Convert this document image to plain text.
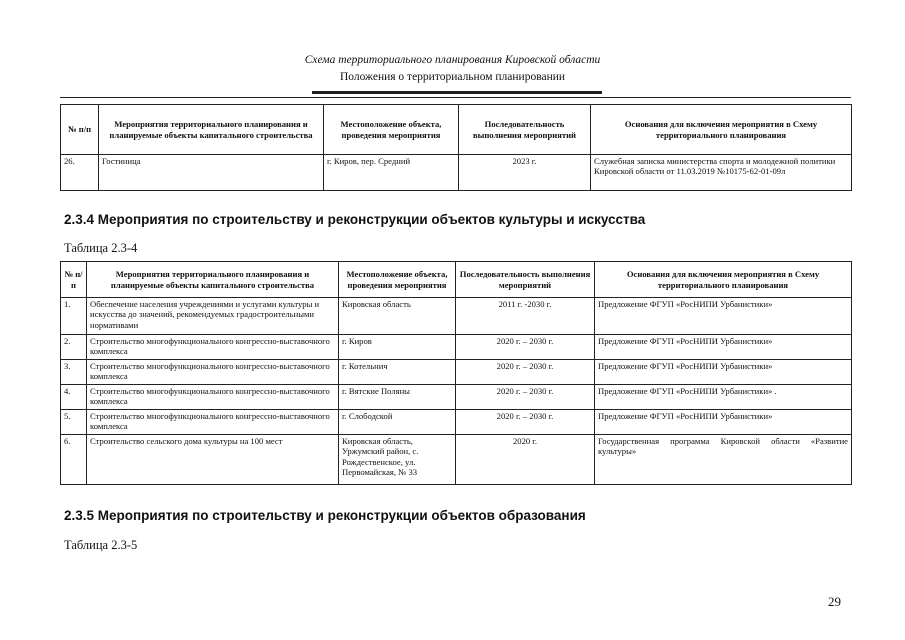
Схема территориального планирования Кировской области
Положения о территориальном планировании
№ п/п	Мероприятия территориального планирования и планируемые объекты капитального строительства	Местоположение объекта, проведения мероприятия	Последовательность выполнения мероприятий	Основания для включения мероприятия в Схему территориального планирования
26.	Гостиница	г. Киров, пер. Средний	2023 г.	Служебная записка министерства спорта и молодежной политики Кировской области от 11.03.2019 №10175-62-01-09л
2.3.4 Мероприятия по строительству и реконструкции объектов культуры и искусства
Таблица 2.3-4
№ п/п	Мероприятия территориального планирования и планируемые объекты капитального строительства	Местоположение объекта, проведения мероприятия	Последовательность выполнения мероприятий	Основания для включения мероприятия в Схему территориального планирования
1.	Обеспечение населения учреждениями и услугами культуры и искусства до значений, рекомендуемых градостроительными нормативами	Кировская область	2011 г. -2030 г.	Предложение ФГУП «РосНИПИ Урбанистики»
2.	Строительство многофункционального конгрессно-выставочного комплекса	г. Киров	2020 г. – 2030 г.	Предложение ФГУП «РосНИПИ Урбанистики»
3.	Строительство многофункционального конгрессно-выставочного комплекса	г. Котельнич	2020 г. – 2030 г.	Предложение ФГУП «РосНИПИ Урбанистики»
4.	Строительство многофункционального конгрессно-выставочного комплекса	г. Вятские Поляны	2020 г. – 2030 г.	Предложение ФГУП «РосНИПИ Урбанистики» .
5.	Строительство многофункционального конгрессно-выставочного комплекса	г. Слободской	2020 г. – 2030 г.	Предложение ФГУП «РосНИПИ Урбанистики»
6.	Строительство сельского дома культуры на 100 мест	Кировская область, Уржумский район, с. Рождественское, ул. Первомайская, № 33	2020 г.	Государственная программа Кировской области «Развитие культуры»
2.3.5 Мероприятия по строительству и реконструкции объектов образования
Таблица 2.3-5
29
